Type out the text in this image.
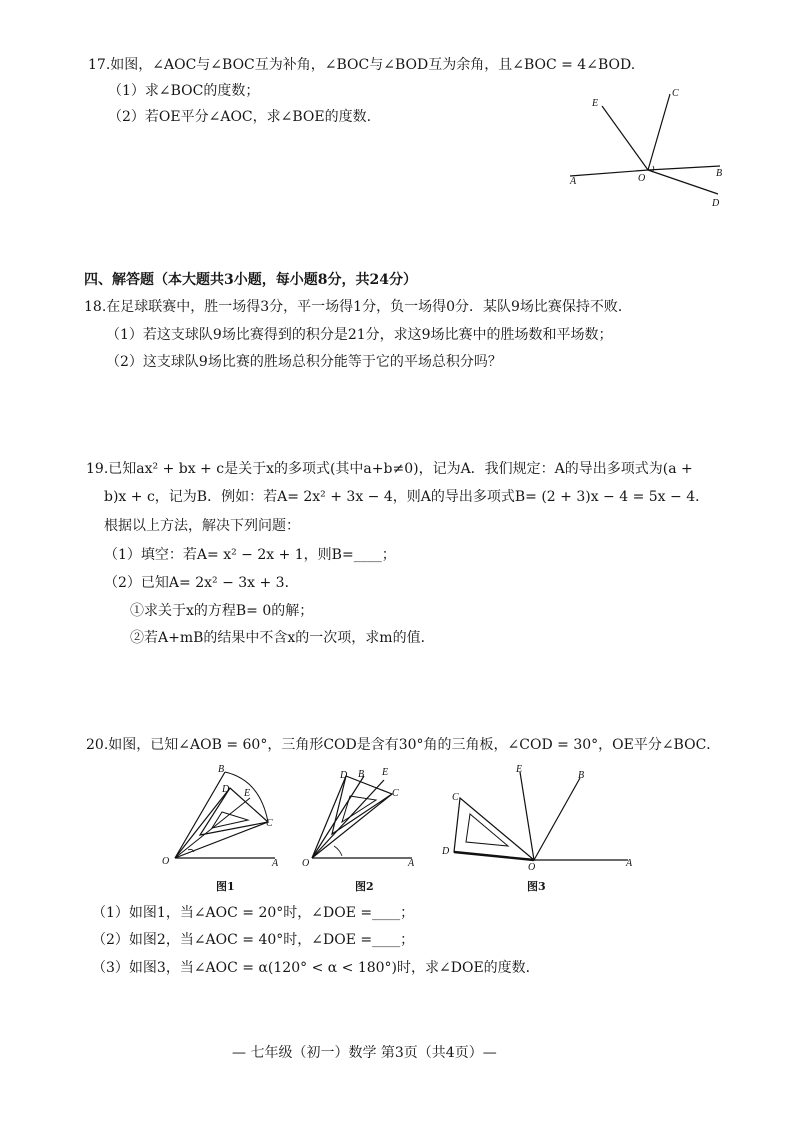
17.如图，∠AOC与∠BOC互为补角，∠BOC与∠BOD互为余角，且∠BOC = 4∠BOD.
（1）求∠BOC的度数；
（2）若OE平分∠AOC，求∠BOE的度数.
E
C
A	O	B
D
四、解答题（本大题共3小题，每小题8分，共24分）
18.在足球联赛中，胜一场得3分，平一场得1分，负一场得0分．某队9场比赛保持不败．
（1）若这支球队9场比赛得到的积分是21分，求这9场比赛中的胜场数和平场数；
（2）这支球队9场比赛的胜场总积分能等于它的平场总积分吗？
19.已知ax² + bx + c是关于x的多项式(其中a+b≠0)，记为A．我们规定：A的导出多项式为(a +
b)x + c，记为B．例如：若A= 2x² + 3x − 4，则A的导出多项式B= (2 + 3)x − 4 = 5x − 4．
根据以上方法，解决下列问题：
（1）填空：若A= x² − 2x + 1，则B=____；
（2）已知A= 2x² − 3x + 3．
①求关于x的方程B= 0的解；
②若A+mB的结果中不含x的一次项，求m的值．
20.如图，已知∠AOB = 60°，三角形COD是含有30°角的三角板，∠COD = 30°，OE平分∠BOC．
B
D E
C
O	A
图1
D B E
C
O	A
图2
E
B
C
D
O	A
图3
（1）如图1，当∠AOC = 20°时，∠DOE =____；
（2）如图2，当∠AOC = 40°时，∠DOE =____；
（3）如图3，当∠AOC = α(120° < α < 180°)时，求∠DOE的度数．
— 七年级（初一）数学 第3页（共4页）—
